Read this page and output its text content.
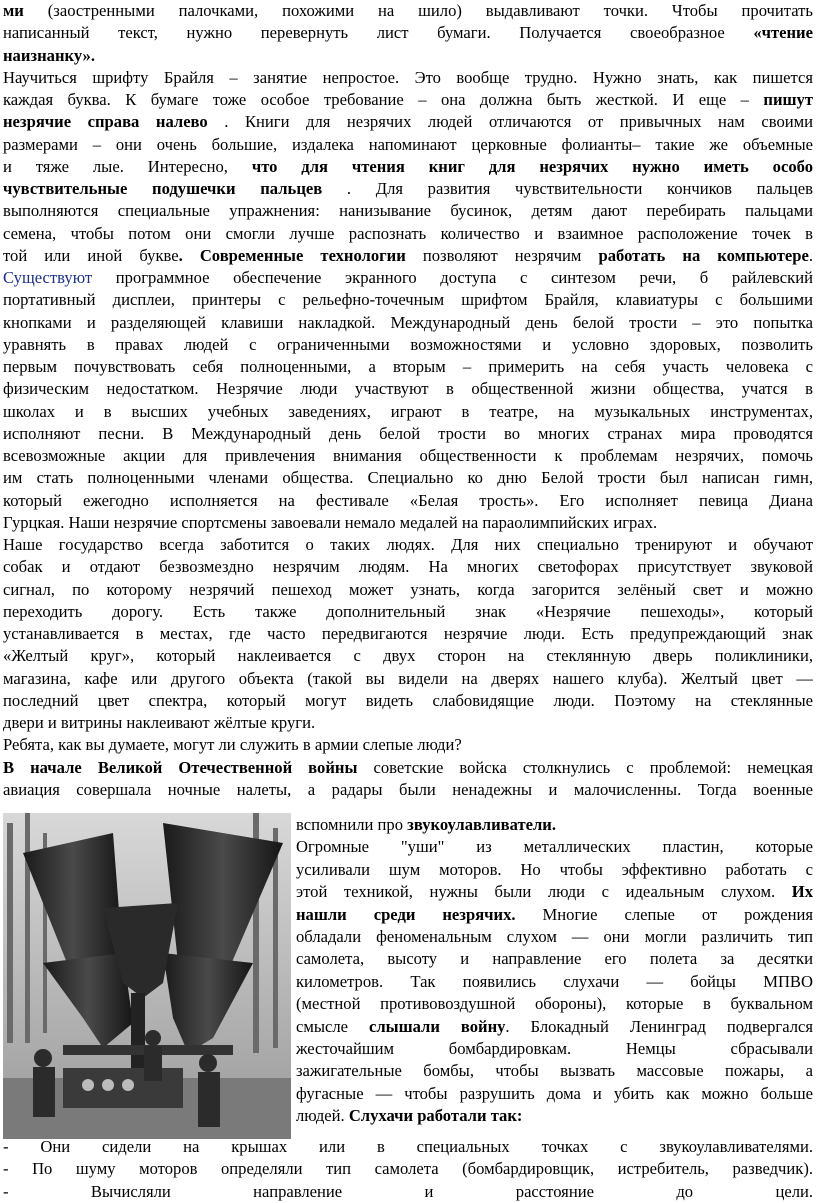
ми (заостренными палочками, похожими на шило) выдавливают точки. Чтобы прочитать
написанный текст, нужно перевернуть лист бумаги. Получается своеобразное «чтение
наизнанку».
Научиться шрифту Брайля – занятие непростое. Это вообще трудно. Нужно знать, как пишется
каждая буква. К бумаге тоже особое требование – она должна быть жесткой. И еще – пишут
незрячие справа налево . Книги для незрячих людей отличаются от привычных нам своими
размерами – они очень большие, издалека напоминают церковные фолианты– такие же объемные
и тяже лые. Интересно, что для чтения книг для незрячих нужно иметь особо
чувствительные подушечки пальцев . Для развития чувствительности кончиков пальцев
выполняются специальные упражнения: нанизывание бусинок, детям дают перебирать пальцами
семена, чтобы потом они смогли лучше распознать количество и взаимное расположение точек в
той или иной букве. Современные технологии позволяют незрячим работать на компьютере.
Существуют программное обеспечение экранного доступа с синтезом речи, б райлевский
портативный дисплеи, принтеры с рельефно-точечным шрифтом Брайля, клавиатуры с большими
кнопками и разделяющей клавиши накладкой. Международный день белой трости – это попытка
уравнять в правах людей с ограниченными возможностями и условно здоровых, позволить
первым почувствовать себя полноценными, а вторым – примерить на себя участь человека с
физическим недостатком. Незрячие люди участвуют в общественной жизни общества, учатся в
школах и в высших учебных заведениях, играют в театре, на музыкальных инструментах,
исполняют песни. В Международный день белой трости во многих странах мира проводятся
всевозможные акции для привлечения внимания общественности к проблемам незрячих, помочь
им стать полноценными членами общества. Специально ко дню Белой трости был написан гимн,
который ежегодно исполняется на фестивале «Белая трость». Его исполняет певица Диана
Гурцкая. Наши незрячие спортсмены завоевали немало медалей на параолимпийских играх.
Наше государство всегда заботится о таких людях. Для них специально тренируют и обучают
собак и отдают безвозмездно незрячим людям. На многих светофорах присутствует звуковой
сигнал, по которому незрячий пешеход может узнать, когда загорится зелёный свет и можно
переходить дорогу. Есть также дополнительный знак «Незрячие пешеходы», который
устанавливается в местах, где часто передвигаются незрячие люди. Есть предупреждающий знак
«Желтый круг», который наклеивается с двух сторон на стеклянную дверь поликлиники,
магазина, кафе или другого объекта (такой вы видели на дверях нашего клуба). Желтый цвет —
последний цвет спектра, который могут видеть слабовидящие люди. Поэтому на стеклянные
двери и витрины наклеивают жёлтые круги.
Ребята, как вы думаете, могут ли служить в армии слепые люди?
В начале Великой Отечественной войны советские войска столкнулись с проблемой: немецкая
авиация совершала ночные налеты, а радары были ненадежны и малочисленны. Тогда военные
вспомнили про звукоулавливатели.
Огромные "уши" из металлических пластин, которые
усиливали шум моторов. Но чтобы эффективно работать с
этой техникой, нужны были люди с идеальным слухом. Их
нашли среди незрячих. Многие слепые от рождения
обладали феноменальным слухом — они могли различить тип
самолета, высоту и направление его полета за десятки
километров. Так появились слухачи — бойцы МПВО
(местной противовоздушной обороны), которые в буквальном
смысле слышали войну. Блокадный Ленинград подвергался
жесточайшим бомбардировкам. Немцы сбрасывали
зажигательные бомбы, чтобы вызвать массовые пожары, а
фугасные — чтобы разрушить дома и убить как можно больше
людей. Слухачи работали так:
- Они сидели на крышах или в специальных точках с звукоулавливателями.
- По шуму моторов определяли тип самолета (бомбардировщик, истребитель, разведчик).
- Вычисляли направление и расстояние до цели.
